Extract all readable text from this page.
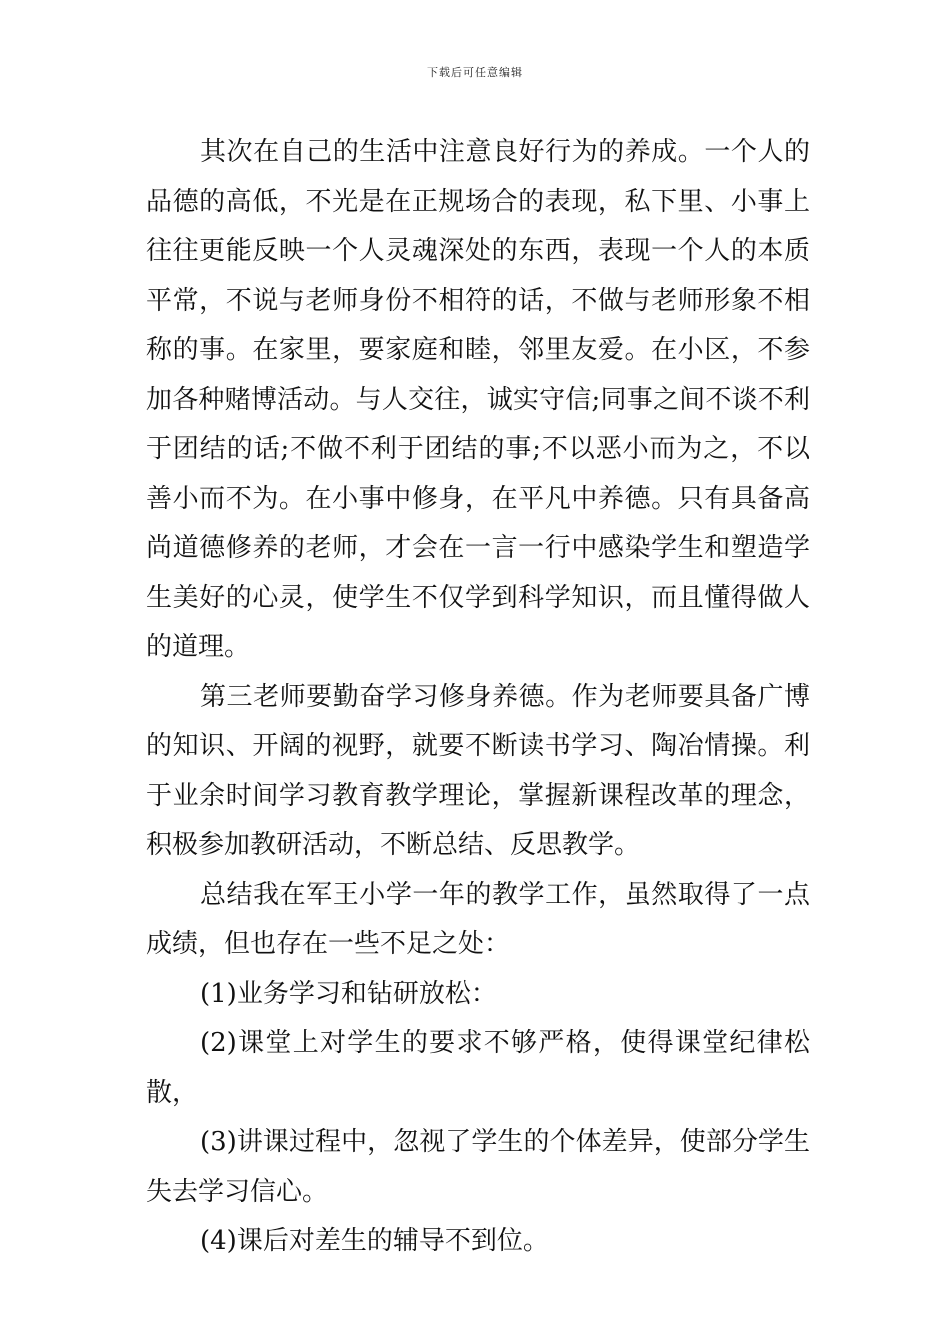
下载后可任意编辑

其次在自己的生活中注意良好行为的养成。一个人的品德的高低，不光是在正规场合的表现，私下里、小事上往往更能反映一个人灵魂深处的东西，表现一个人的本质平常，不说与老师身份不相符的话，不做与老师形象不相称的事。在家里，要家庭和睦，邻里友爱。在小区，不参加各种赌博活动。与人交往，诚实守信;同事之间不谈不利于团结的话;不做不利于团结的事;不以恶小而为之，不以善小而不为。在小事中修身，在平凡中养德。只有具备高尚道德修养的老师，才会在一言一行中感染学生和塑造学生美好的心灵，使学生不仅学到科学知识，而且懂得做人的道理。

第三老师要勤奋学习修身养德。作为老师要具备广博的知识、开阔的视野，就要不断读书学习、陶冶情操。利于业余时间学习教育教学理论，掌握新课程改革的理念，积极参加教研活动，不断总结、反思教学。

总结我在军王小学一年的教学工作，虽然取得了一点成绩，但也存在一些不足之处：

(1)业务学习和钻研放松：

(2)课堂上对学生的要求不够严格，使得课堂纪律松散，

(3)讲课过程中，忽视了学生的个体差异，使部分学生失去学习信心。

(4)课后对差生的辅导不到位。
